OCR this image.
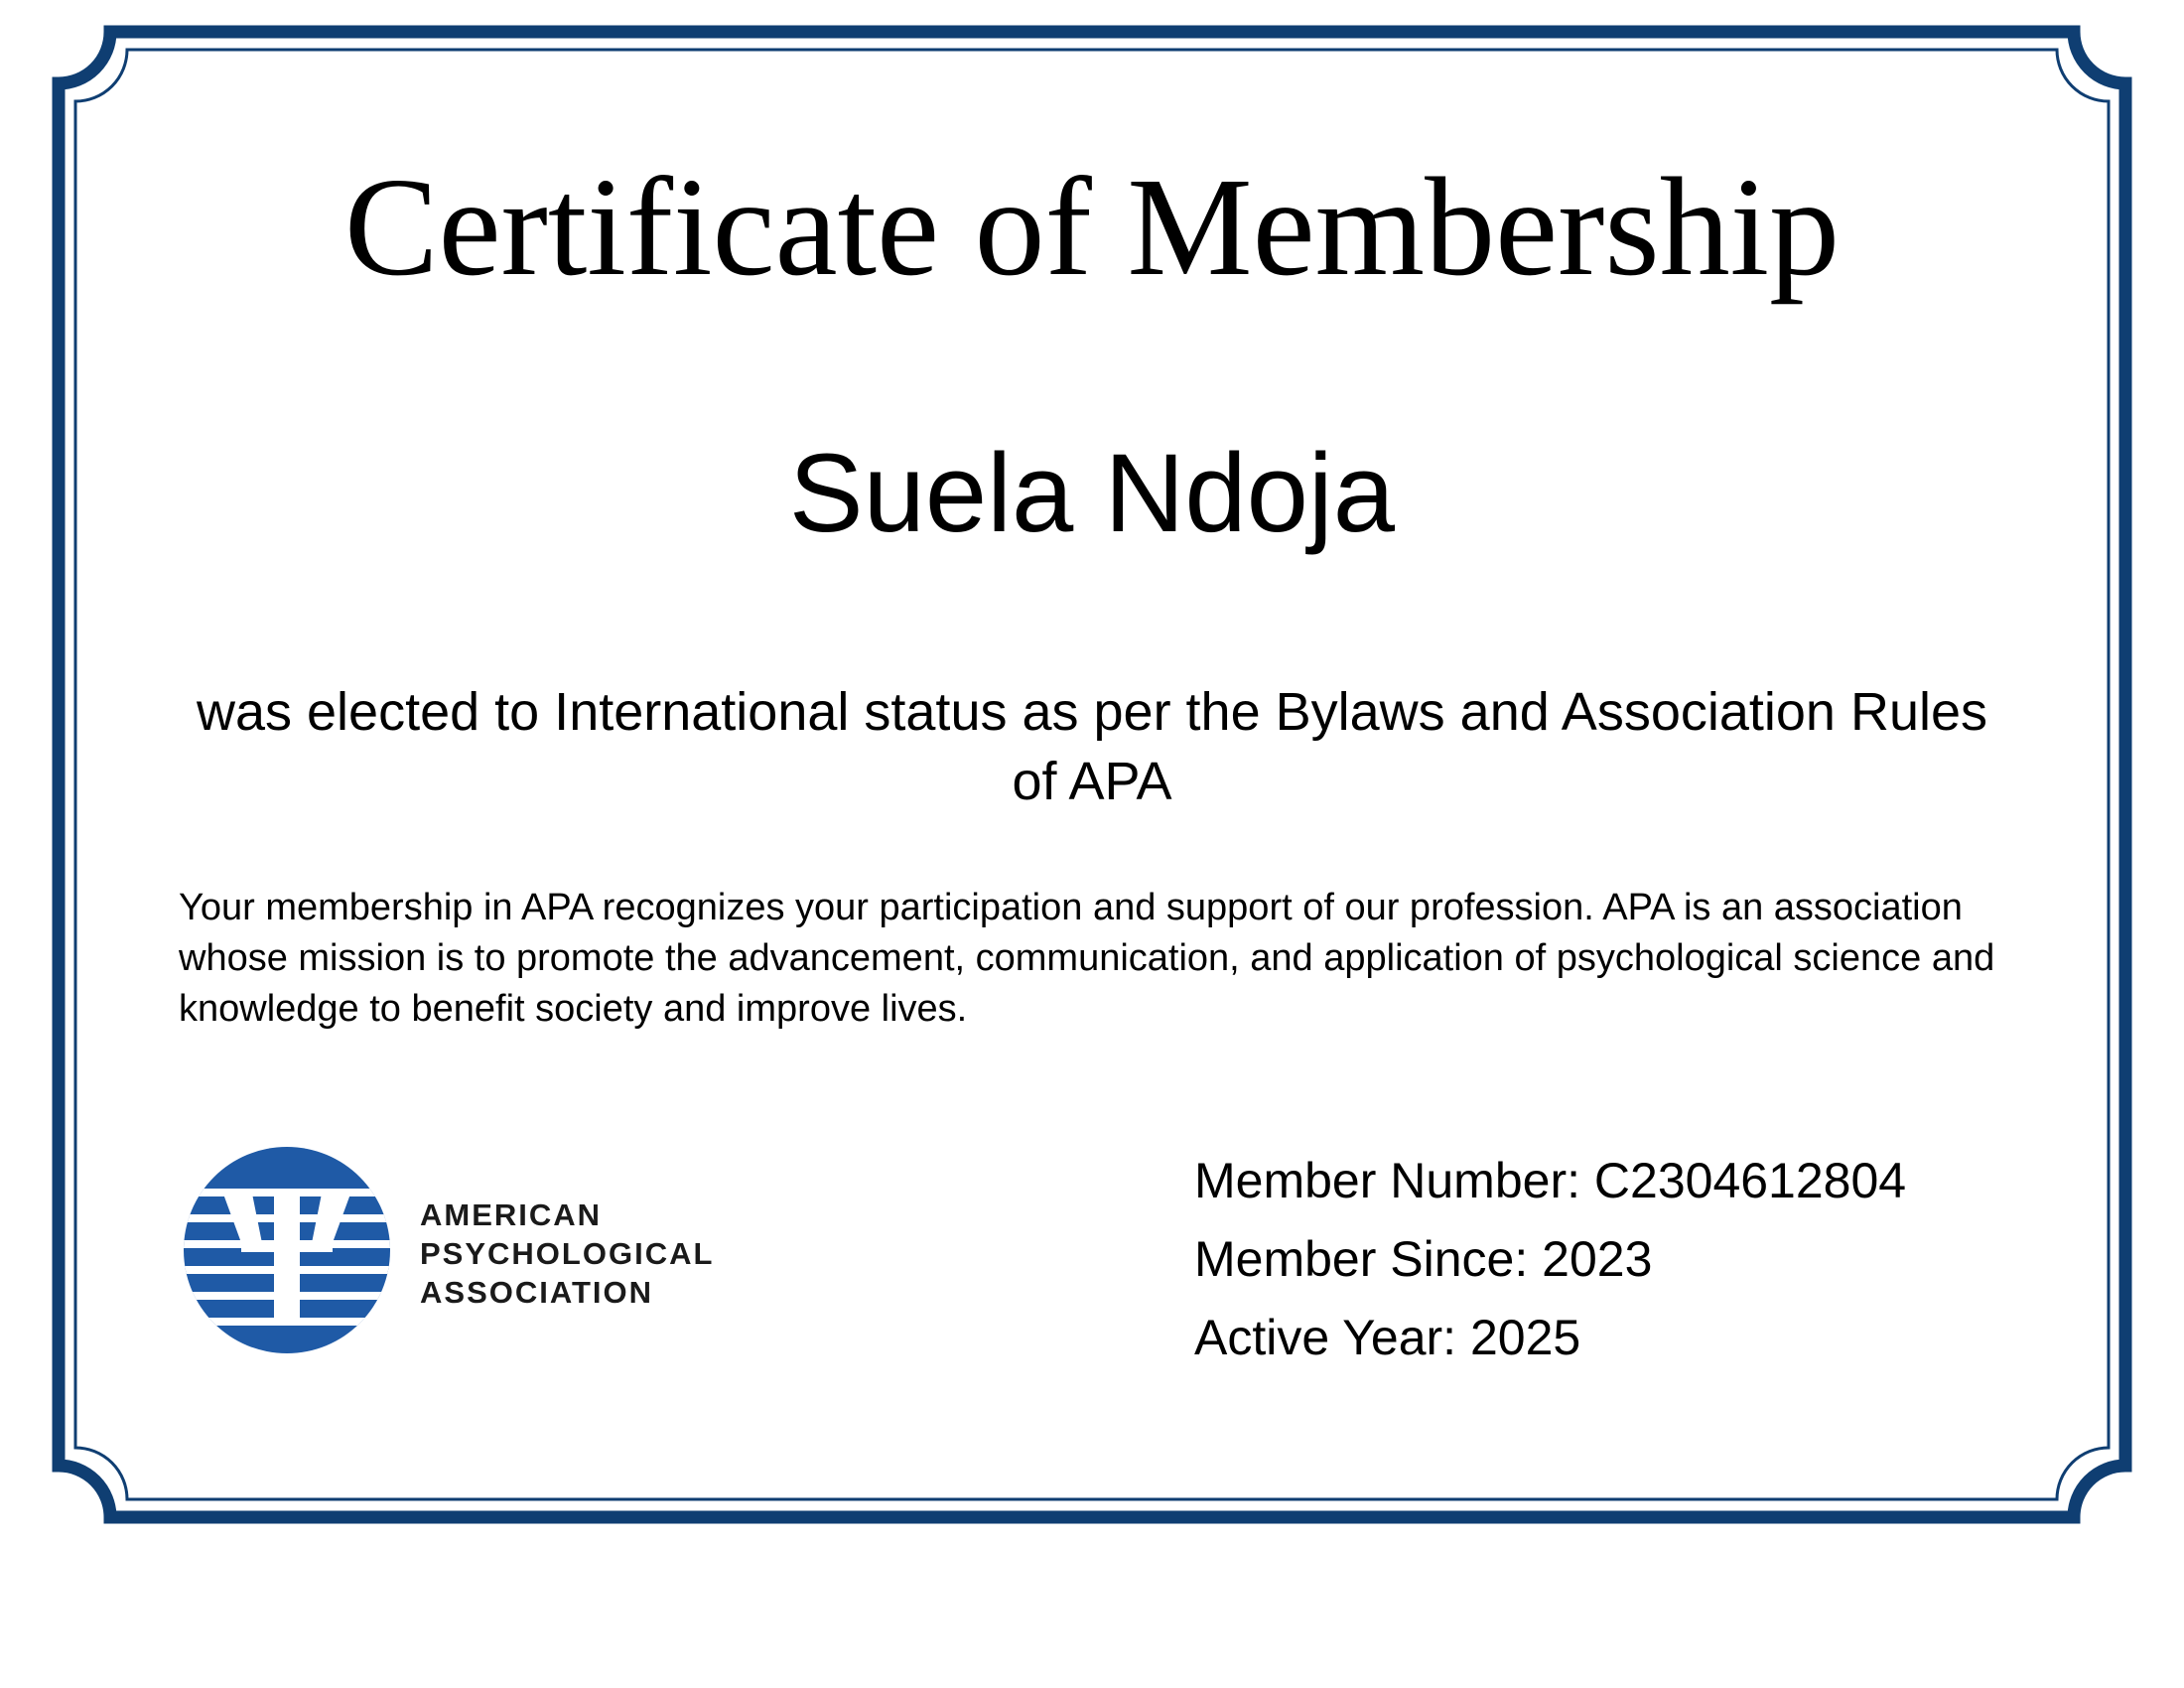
Certificate of Membership
Suela Ndoja
was elected to International status as per the Bylaws and Association Rules of APA
Your membership in APA recognizes your participation and support of our profession. APA is an association whose mission is to promote the advancement, communication, and application of psychological science and knowledge to benefit society and improve lives.
AMERICAN
PSYCHOLOGICAL
ASSOCIATION
Member Number: C2304612804
Member Since: 2023
Active Year: 2025
